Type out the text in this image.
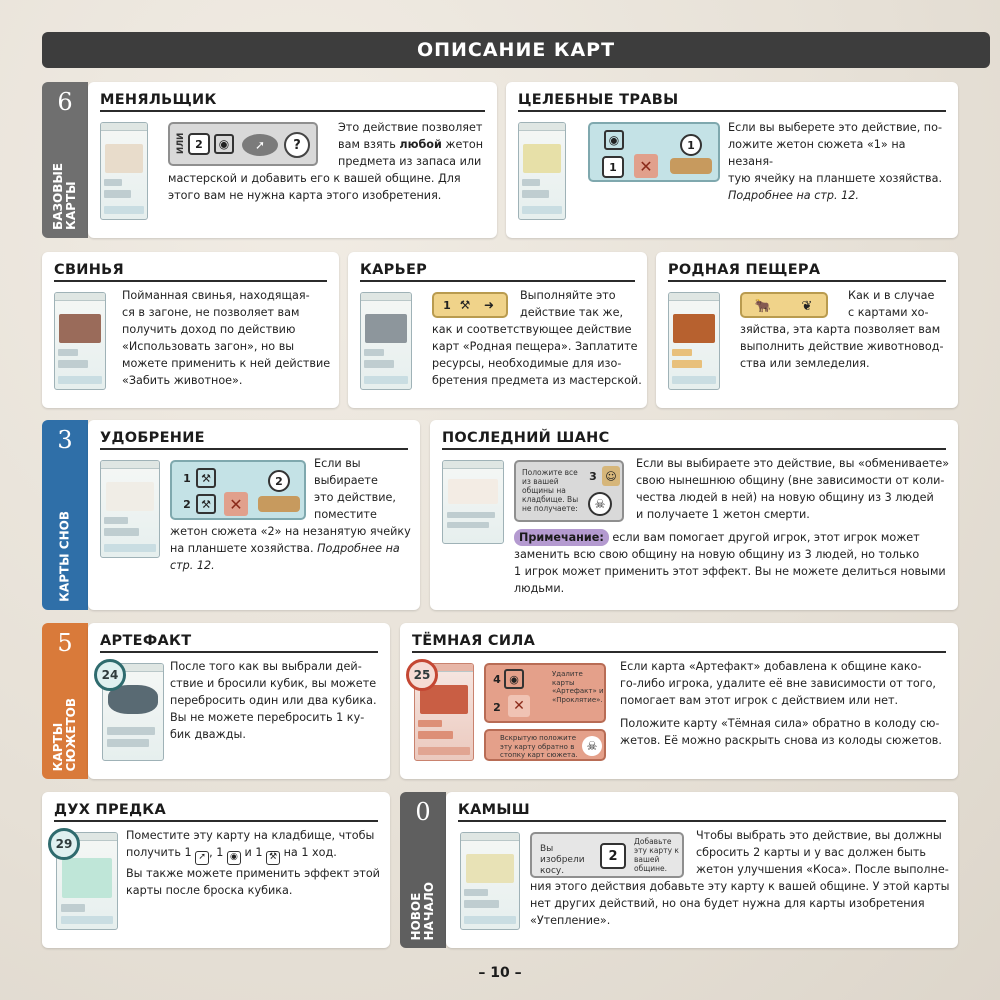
ОПИСАНИЕ КАРТ
6
БАЗОВЫЕ
КАРТЫ
МЕНЯЛЬЩИК
ИЛИ 2	◉	➚	?
Это действие позволяет
вам взять любой жетон
предмета из запаса или
мастерской и добавить его к вашей общине. Для
этого вам не нужна карта этого изобретения.
ЦЕЛЕБНЫЕ ТРАВЫ
◉
1	✕
1
Если вы выберете это действие, по-
ложите жетон сюжета «1» на незаня-
тую ячейку на планшете хозяйства.
Подробнее на стр. 12.
СВИНЬЯ
Пойманная свинья, находящая-
ся в загоне, не позволяет вам
получить доход по действию
«Использовать загон», но вы
можете применить к ней действие
«Забить животное».
КАРЬЕР
1 ⚒	➜
Выполняйте это
действие так же,
как и соответствующее действие
карт «Родная пещера». Заплатите
ресурсы, необходимые для изо-
бретения предмета из мастерской.
РОДНАЯ ПЕЩЕРА
🐂	❦
Как и в случае
с картами хо-
зяйства, эта карта позволяет вам
выполнить действие животновод-
ства или земледелия.
3
КАРТЫ СНОВ
УДОБРЕНИЕ
1 ⚒
2 ⚒	✕
2
Если вы
выбираете
это действие,
поместите
жетон сюжета «2» на незанятую ячейку
на планшете хозяйства. Подробнее на
стр. 12.
ПОСЛЕДНИЙ ШАНС
Положите все из вашей общины на кладбище. Вы не получаете:
3 ☺
☠
Если вы выбираете это действие, вы «обмениваете»
свою нынешнюю общину (вне зависимости от коли-
чества людей в ней) на новую общину из 3 людей
и получаете 1 жетон смерти.
Примечание: если вам помогает другой игрок, этот игрок может
заменить всю свою общину на новую общину из 3 людей, но только
1 игрок может применить этот эффект. Вы не можете делиться новыми
людьми.
5
КАРТЫ
СЮЖЕТОВ
АРТЕФАКТ
24
После того как вы выбрали дей-
ствие и бросили кубик, вы можете
перебросить один или два кубика.
Вы не можете перебросить 1 ку-
бик дважды.
ТЁМНАЯ СИЛА
25	4 ◉
2 ✕
Удалите карты «Артефакт» и «Проклятие».
Вскрытую положите эту карту обратно в стопку карт сюжета.
☠
Если карта «Артефакт» добавлена к общине како-
го-либо игрока, удалите её вне зависимости от того,
помогает вам этот игрок с действием или нет.
Положите карту «Тёмная сила» обратно в колоду сю-
жетов. Её можно раскрыть снова из колоды сюжетов.
ДУХ ПРЕДКА
29
Поместите эту карту на кладбище, чтобы
получить 1 ➚ , 1 ◉ и 1 ⚒ на 1 ход.
Вы также можете применить эффект этой
карты после броска кубика.
0
НОВОЕ
НАЧАЛО
КАМЫШ
Вы изобрели косу.
2
Добавьте эту карту к вашей общине.
Чтобы выбрать это действие, вы должны
сбросить 2 карты и у вас должен быть
жетон улучшения «Коса». После выполне-
ния этого действия добавьте эту карту к вашей общине. У этой карты
нет других действий, но она будет нужна для карты изобретения
«Утепление».
– 10 –
